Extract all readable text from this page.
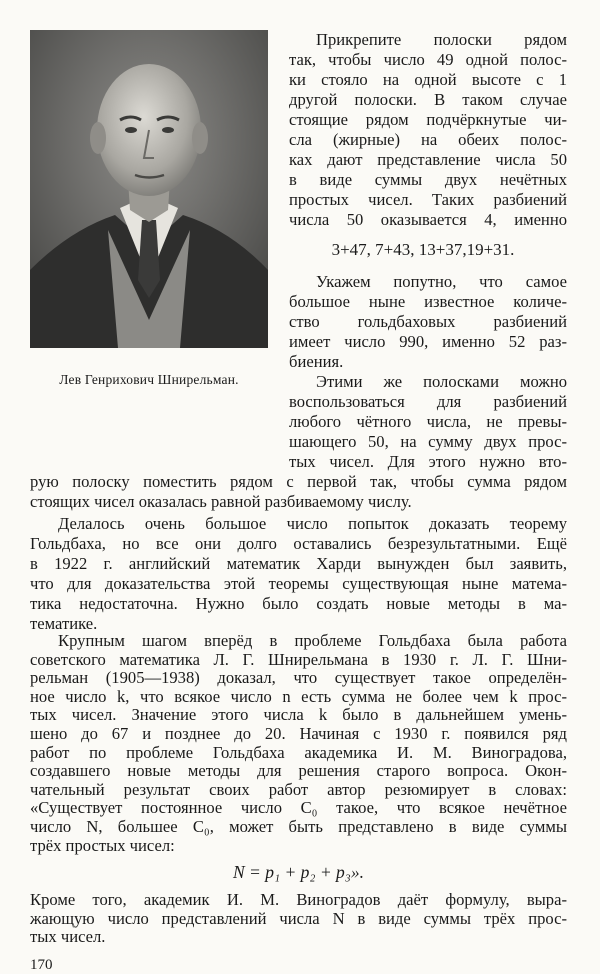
Лев Генрихович Шнирельман.
Прикрепите полоски рядом
так, чтобы число 49 одной полос-
ки стояло на одной высоте с 1
другой полоски. В таком случае
стоящие рядом подчёркнутые чи-
сла (жирные) на обеих полос-
ках дают представление числа 50
в виде суммы двух нечётных
простых чисел. Таких разбиений
числа 50 оказывается 4, именно
3+47, 7+43, 13+37,19+31.
Укажем попутно, что самое
большое ныне известное количе-
ство гольдбаховых разбиений
имеет число 990, именно 52 раз-
биения.
Этими же полосками можно
воспользоваться для разбиений
любого чётного числа, не превы-
шающего 50, на сумму двух прос-
тых чисел. Для этого нужно вто-
рую полоску поместить рядом с первой так, чтобы сумма рядом
стоящих чисел оказалась равной разбиваемому числу.
Делалось очень большое число попыток доказать теорему
Гольдбаха, но все они долго оставались безрезультатными. Ещё
в 1922 г. английский математик Харди вынужден был заявить,
что для доказательства этой теоремы существующая ныне матема-
тика недостаточна. Нужно было создать новые методы в ма-
тематике.
Крупным шагом вперёд в проблеме Гольдбаха была работа
советского математика Л. Г. Шнирельмана в 1930 г. Л. Г. Шни-
рельман (1905—1938) доказал, что существует такое определён-
ное число k, что всякое число n есть сумма не более чем k прос-
тых чисел. Значение этого числа k было в дальнейшем умень-
шено до 67 и позднее до 20. Начиная с 1930 г. появился ряд
работ по проблеме Гольдбаха академика И. М. Виноградова,
создавшего новые методы для решения старого вопроса. Окон-
чательный результат своих работ автор резюмирует в словах:
«Существует постоянное число C₀ такое, что всякое нечётное
число N, большее C₀, может быть представлено в виде суммы
трёх простых чисел:
N = p₁ + p₂ + p₃».
Кроме того, академик И. М. Виноградов даёт формулу, выра-
жающую число представлений числа N в виде суммы трёх прос-
тых чисел.
170
